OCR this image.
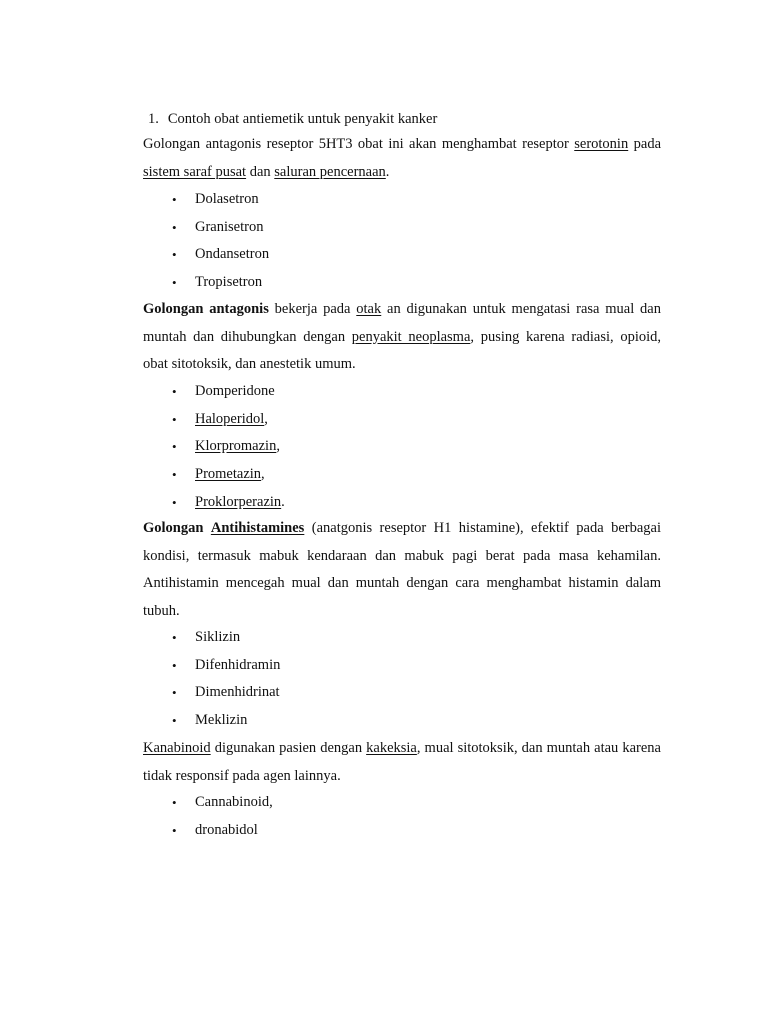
1. Contoh obat antiemetik untuk penyakit kanker

Golongan antagonis reseptor 5HT3 obat ini akan menghambat reseptor serotonin pada sistem saraf pusat dan saluran pencernaan.

• Dolasetron
• Granisetron
• Ondansetron
• Tropisetron

Golongan antagonis bekerja pada otak an digunakan untuk mengatasi rasa mual dan muntah dan dihubungkan dengan penyakit neoplasma, pusing karena radiasi, opioid, obat sitotoksik, dan anestetik umum.

• Domperidone
• Haloperidol,
• Klorpromazin,
• Prometazin,
• Proklorperazin.

Golongan Antihistamines (anatgonis reseptor H1 histamine), efektif pada berbagai kondisi, termasuk mabuk kendaraan dan mabuk pagi berat pada masa kehamilan. Antihistamin mencegah mual dan muntah dengan cara menghambat histamin dalam tubuh.

• Siklizin
• Difenhidramin
• Dimenhidrinat
• Meklizin

Kanabinoid digunakan pasien dengan kakeksia, mual sitotoksik, dan muntah atau karena tidak responsif pada agen lainnya.

• Cannabinoid,
• dronabidol
